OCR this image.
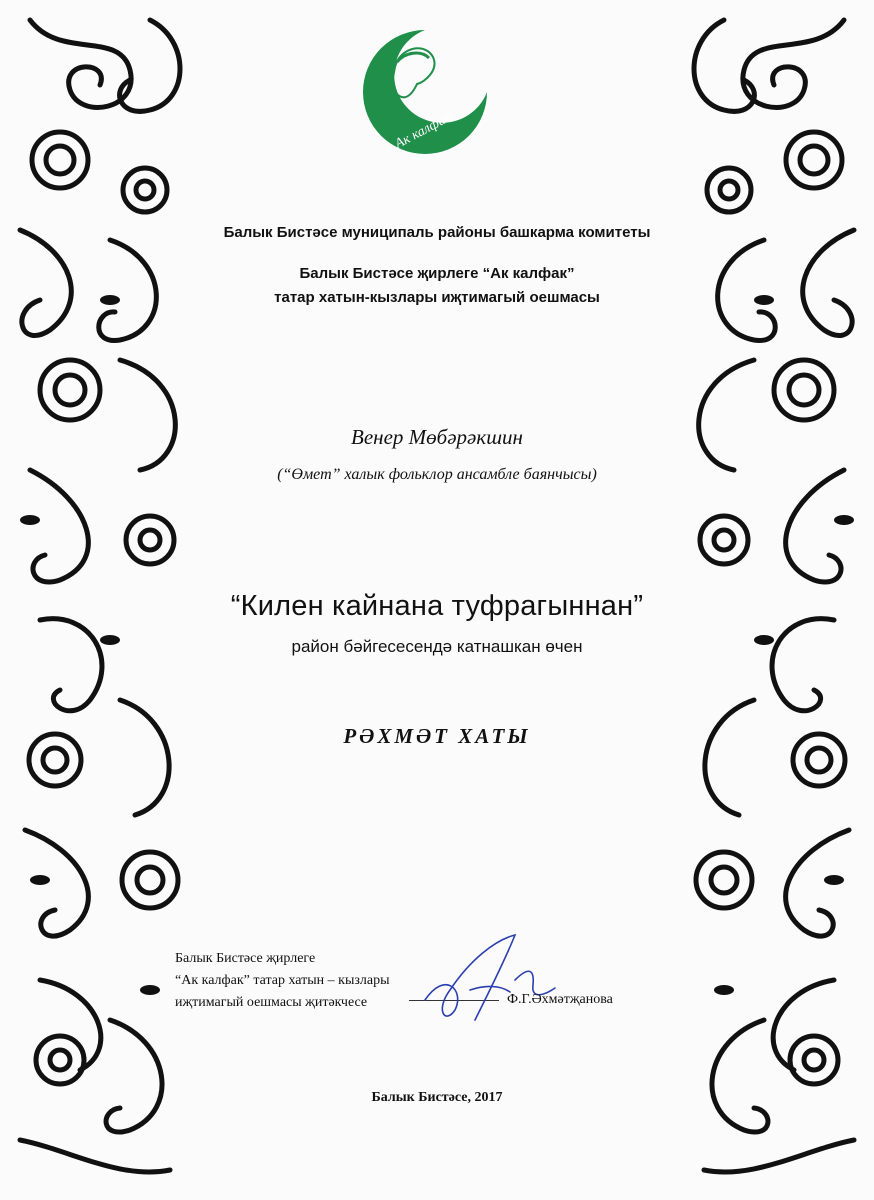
Ак калфак
Балык Бистәсе муниципаль районы башкарма комитеты
Балык Бистәсе җирлеге “Ак калфак”
татар хатын-кызлары иҗтимагый оешмасы
Венер Мөбәрәкшин
(“Өмет” халык фольклор ансамбле баянчысы)
“Килен кайнана туфрагыннан”
район бәйгесесендә катнашкан өчен
РӘХМӘТ ХАТЫ
Балык Бистәсе җирлеге
“Ак калфак” татар хатын – кызлары
иҗтимагый оешмасы җитәкчесе	Ф.Г.Әхмәтҗанова
Балык Бистәсе, 2017
